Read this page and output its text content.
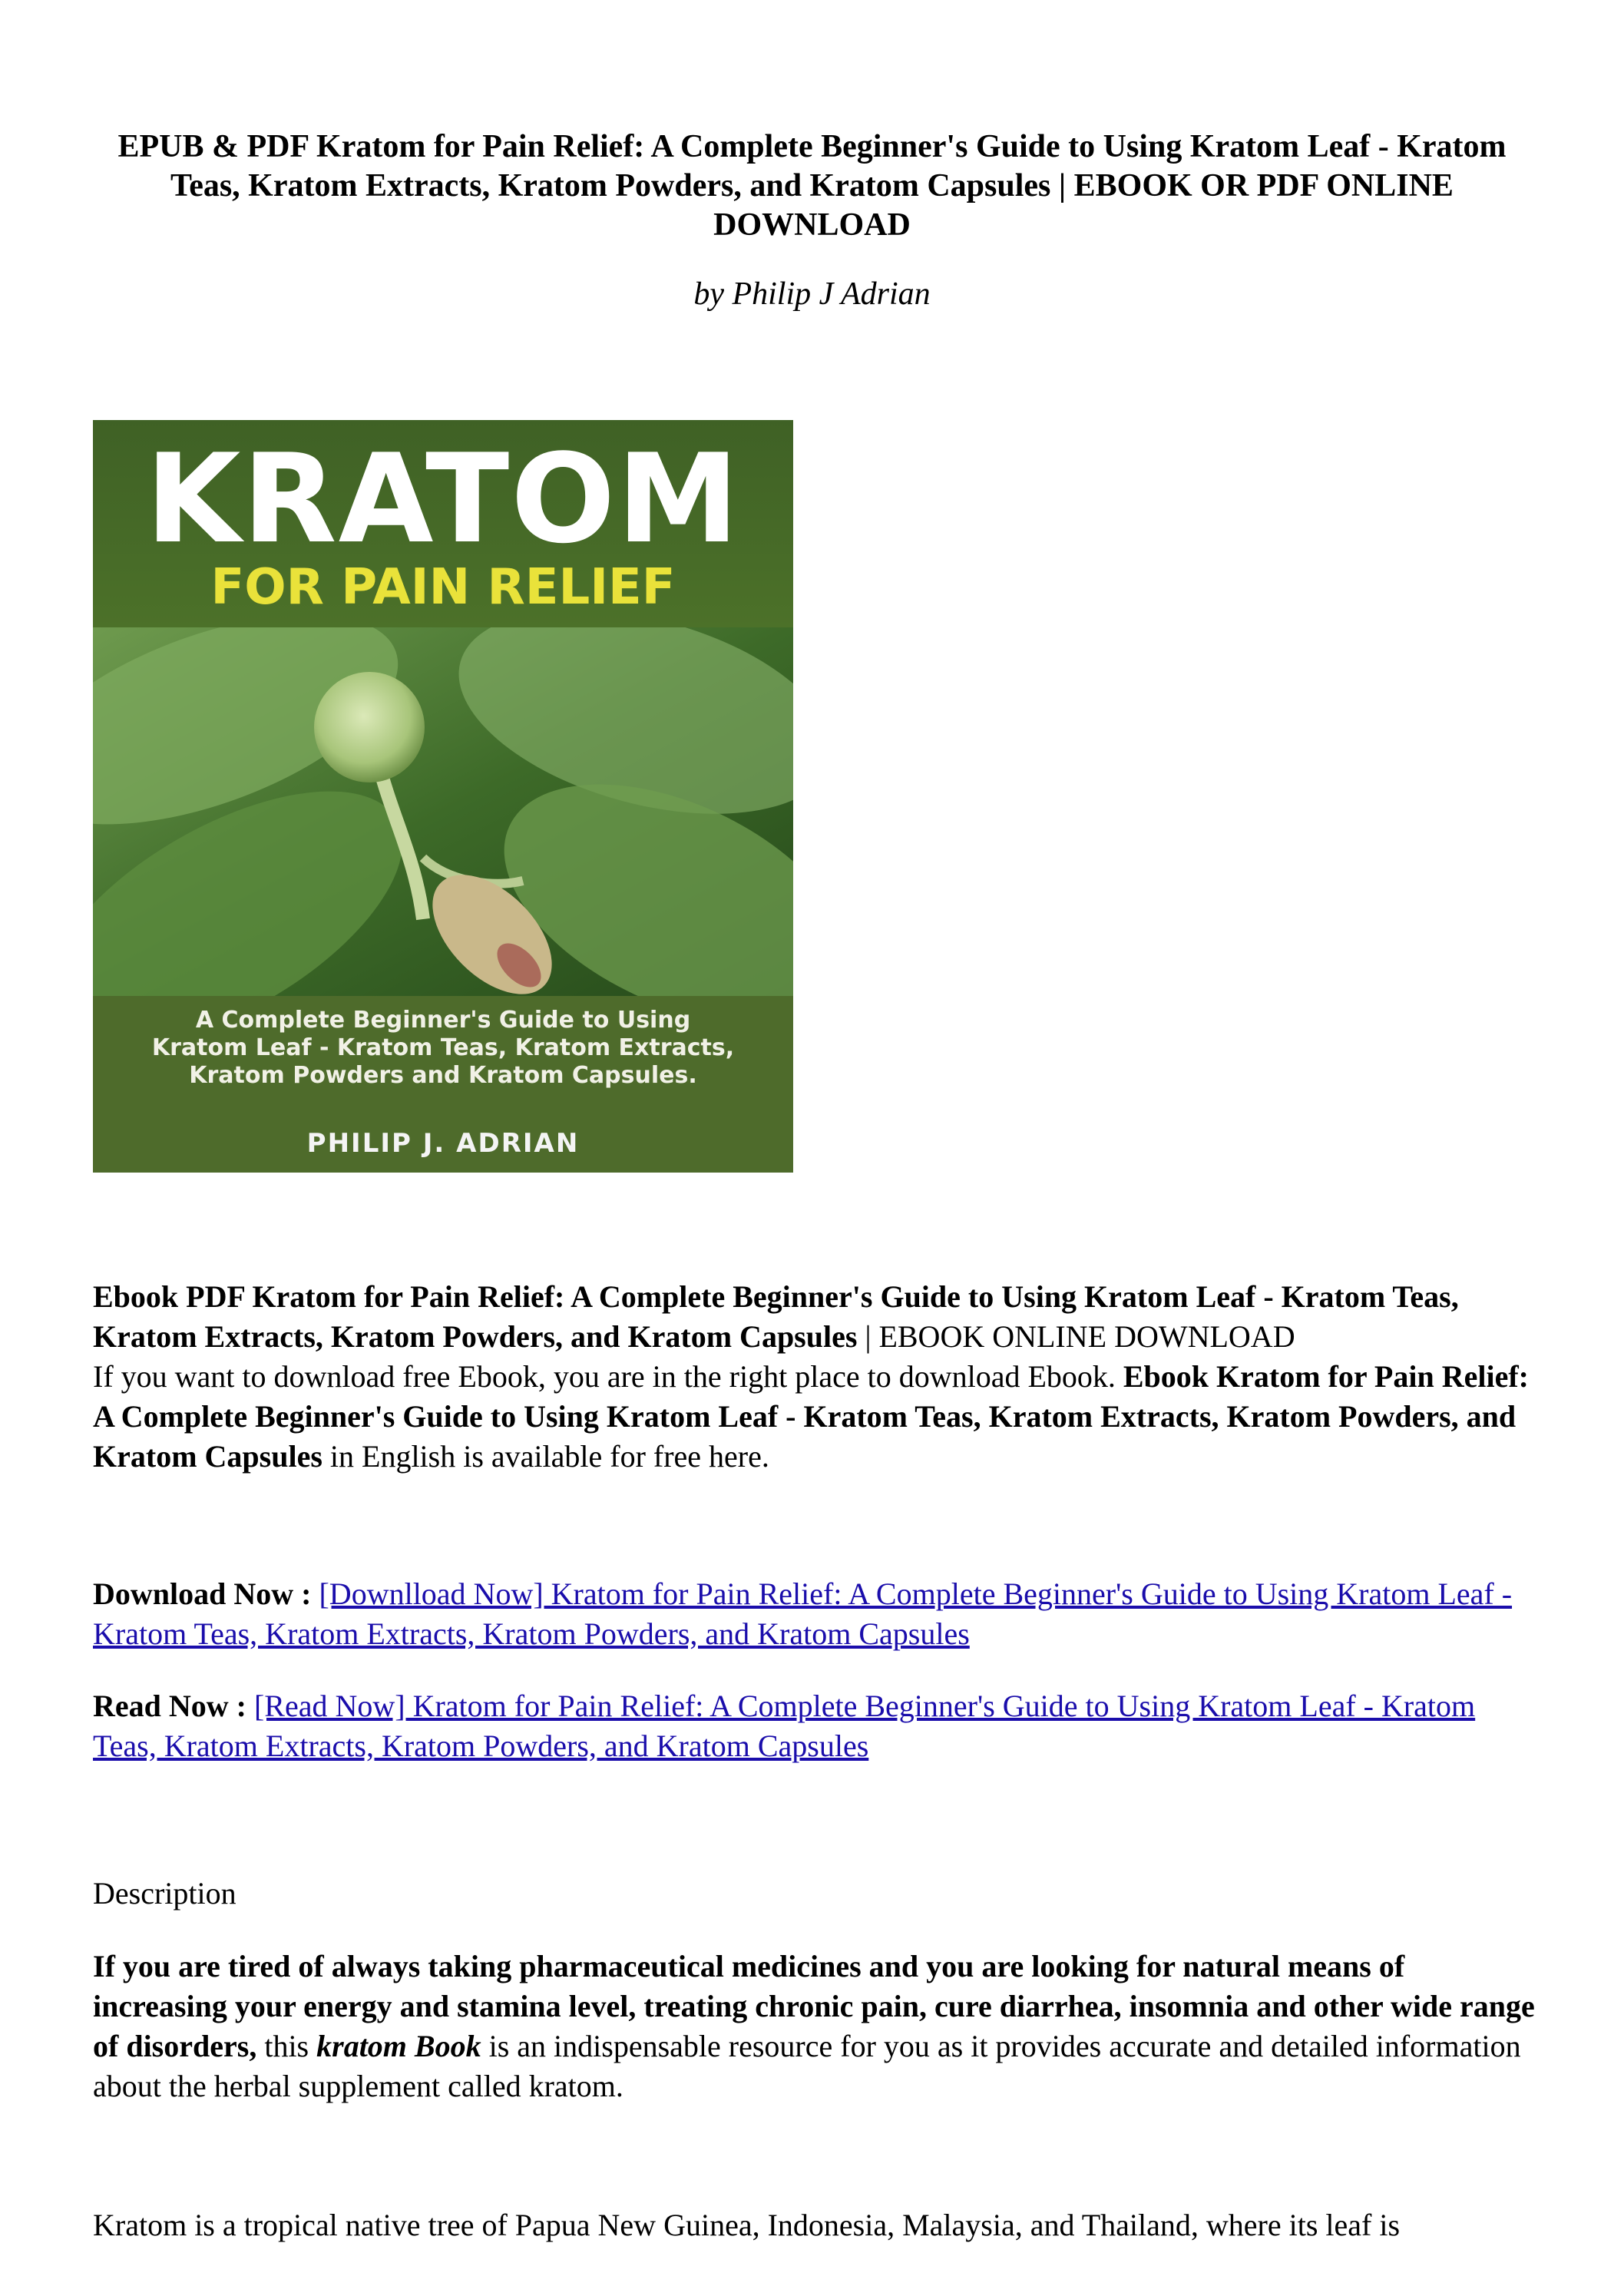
EPUB & PDF Kratom for Pain Relief: A Complete Beginner's Guide to Using Kratom Leaf - Kratom Teas, Kratom Extracts, Kratom Powders, and Kratom Capsules | EBOOK OR PDF ONLINE DOWNLOAD

by Philip J Adrian

KRATOM
FOR PAIN RELIEF
A Complete Beginner's Guide to Using Kratom Leaf - Kratom Teas, Kratom Extracts, Kratom Powders and Kratom Capsules.
PHILIP J. ADRIAN

Ebook PDF Kratom for Pain Relief: A Complete Beginner's Guide to Using Kratom Leaf - Kratom Teas, Kratom Extracts, Kratom Powders, and Kratom Capsules | EBOOK ONLINE DOWNLOAD
If you want to download free Ebook, you are in the right place to download Ebook. Ebook Kratom for Pain Relief: A Complete Beginner's Guide to Using Kratom Leaf - Kratom Teas, Kratom Extracts, Kratom Powders, and Kratom Capsules in English is available for free here.

Download Now : [Downlload Now] Kratom for Pain Relief: A Complete Beginner's Guide to Using Kratom Leaf - Kratom Teas, Kratom Extracts, Kratom Powders, and Kratom Capsules

Read Now : [Read Now] Kratom for Pain Relief: A Complete Beginner's Guide to Using Kratom Leaf - Kratom Teas, Kratom Extracts, Kratom Powders, and Kratom Capsules

Description

If you are tired of always taking pharmaceutical medicines and you are looking for natural means of increasing your energy and stamina level, treating chronic pain, cure diarrhea, insomnia and other wide range of disorders, this kratom Book is an indispensable resource for you as it provides accurate and detailed information about the herbal supplement called kratom.

Kratom is a tropical native tree of Papua New Guinea, Indonesia, Malaysia, and Thailand, where its leaf is
